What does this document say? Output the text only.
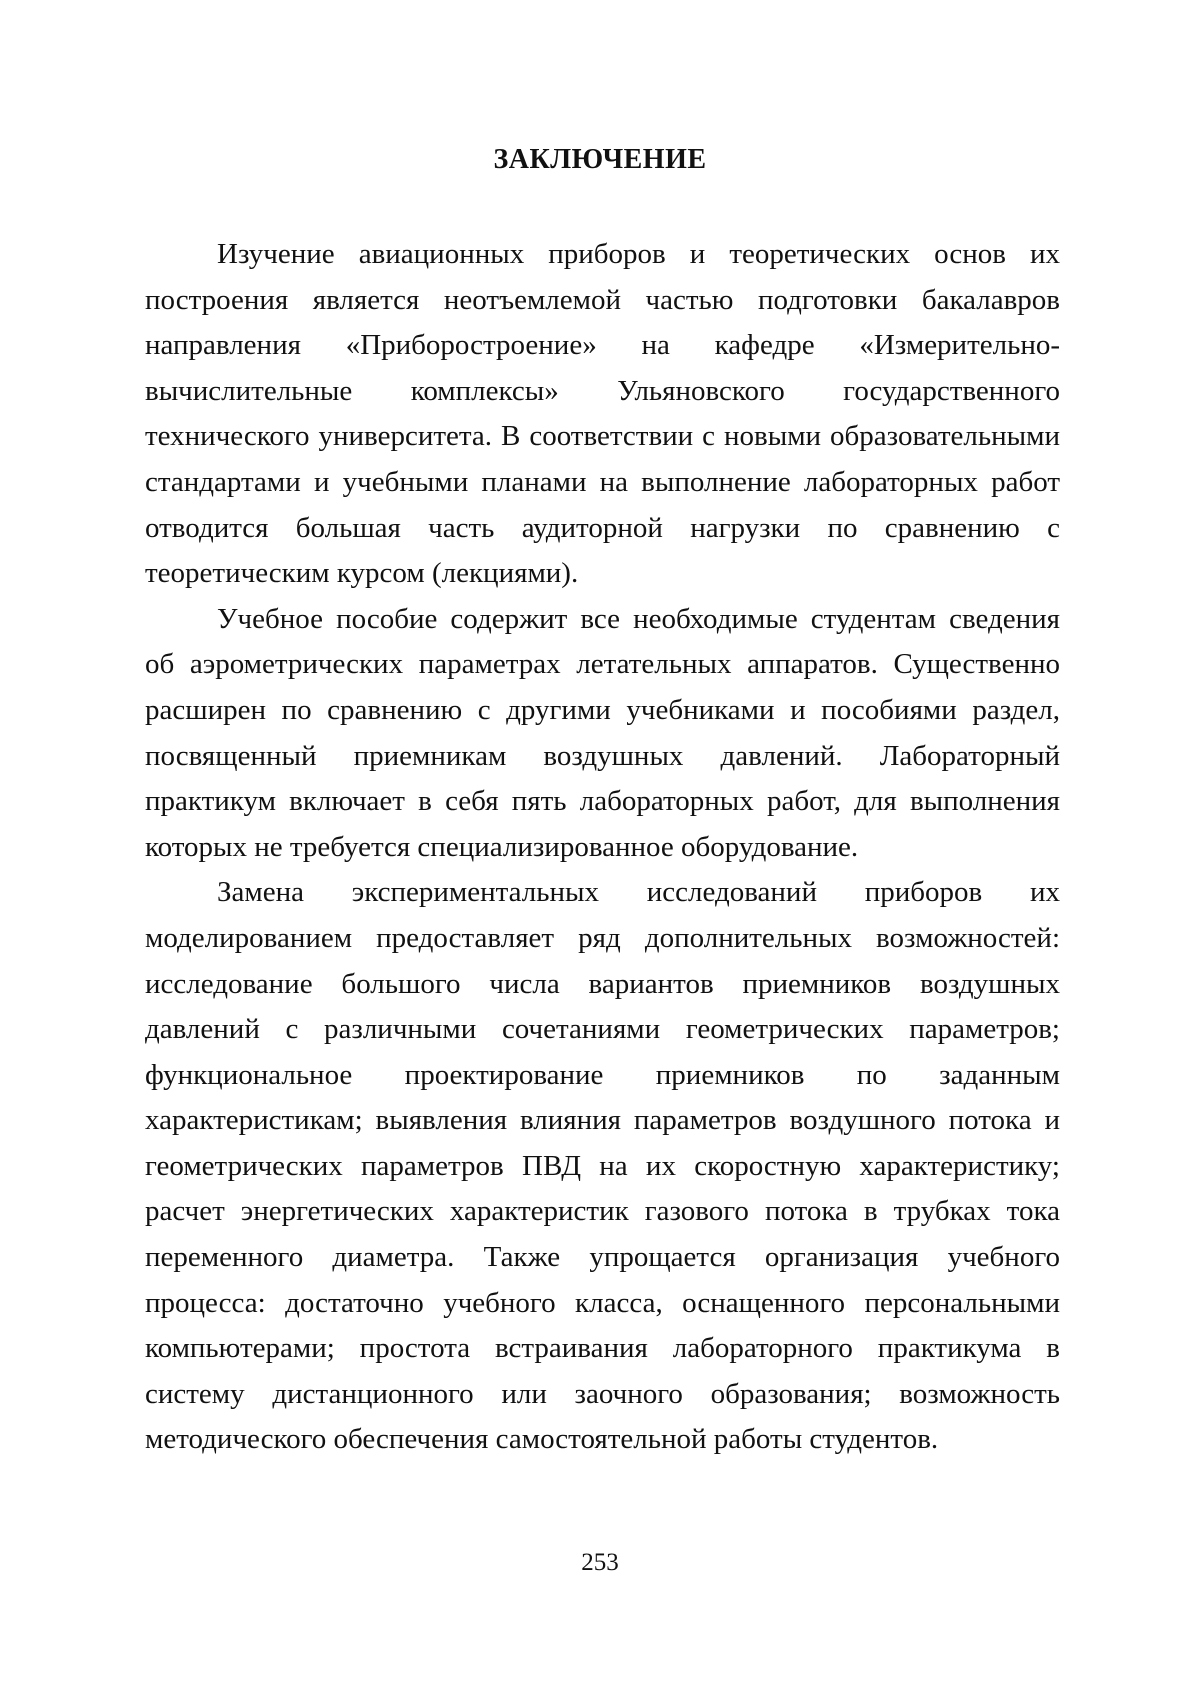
ЗАКЛЮЧЕНИЕ

Изучение авиационных приборов и теоретических основ их построения является неотъемлемой частью подготовки бакалавров направления «Приборостроение» на кафедре «Измерительно-вычислительные комплексы» Ульяновского государственного технического университета. В соответствии с новыми образовательными стандартами и учебными планами на выполнение лабораторных работ отводится большая часть аудиторной нагрузки по сравнению с теоретическим курсом (лекциями).

Учебное пособие содержит все необходимые студентам сведения об аэрометрических параметрах летательных аппаратов. Существенно расширен по сравнению с другими учебниками и пособиями раздел, посвященный приемникам воздушных давлений. Лабораторный практикум включает в себя пять лабораторных работ, для выполнения которых не требуется специализированное оборудование.

Замена экспериментальных исследований приборов их моделированием предоставляет ряд дополнительных возможностей: исследование большого числа вариантов приемников воздушных давлений с различными сочетаниями геометрических параметров; функциональное проектирование приемников по заданным характеристикам; выявления влияния параметров воздушного потока и геометрических параметров ПВД на их скоростную характеристику; расчет энергетических характеристик газового потока в трубках тока переменного диаметра. Также упрощается организация учебного процесса: достаточно учебного класса, оснащенного персональными компьютерами; простота встраивания лабораторного практикума в систему дистанционного или заочного образования; возможность методического обеспечения самостоятельной работы студентов.

253
